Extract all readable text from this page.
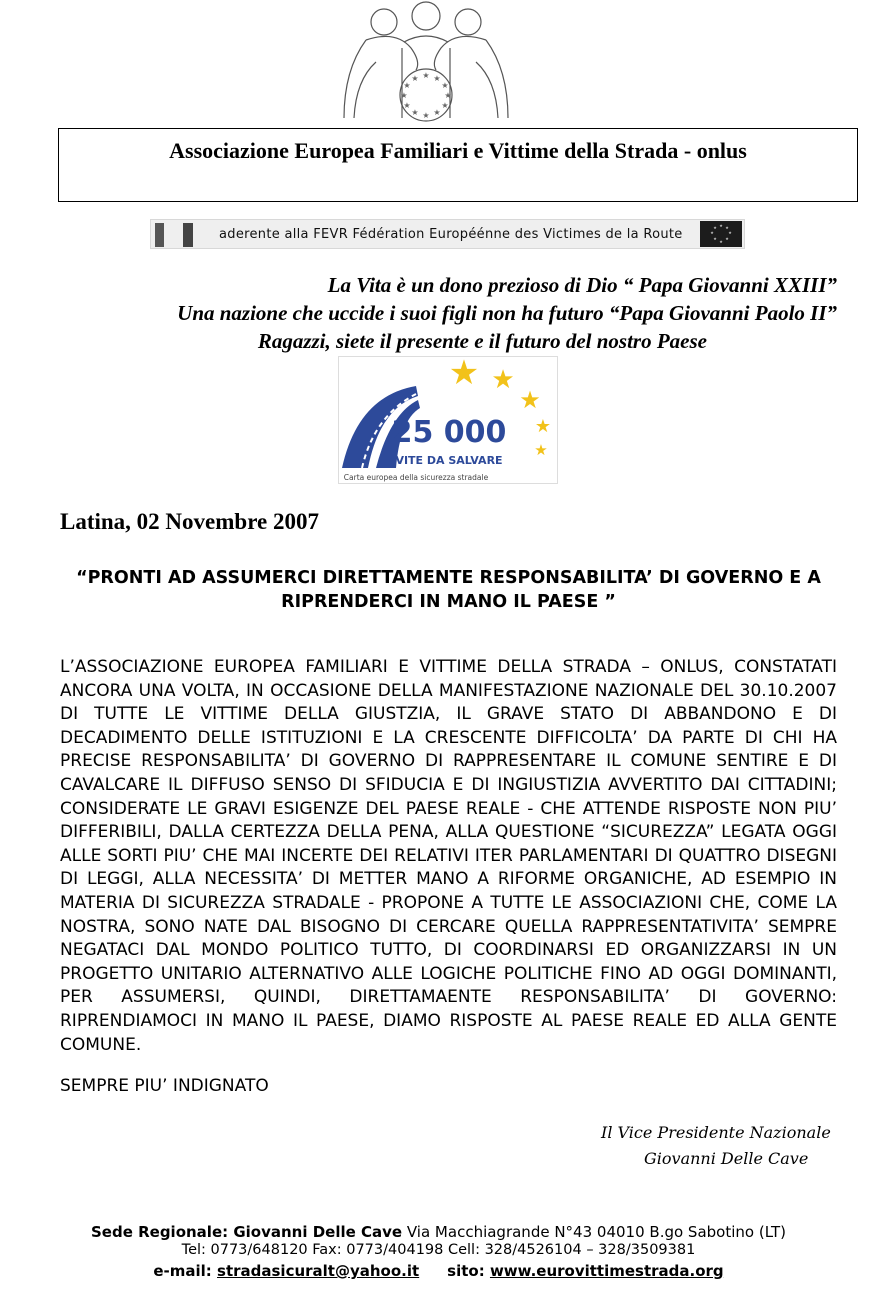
★ ★
★
★
★
★
★
★
★
★
★
★
Associazione Europea Familiari e Vittime della Strada - onlus
aderente alla FEVR Fédération Européénne des Victimes de la Route
★ ★
★
★
★
★
★
★
La Vita è un dono prezioso di Dio “ Papa Giovanni XXIII”
Una nazione che uccide i suoi figli non ha futuro “Papa Giovanni Paolo II”
Ragazzi, siete il presente e il futuro del nostro Paese
★ ★
★
★
★
25 000
VITE DA SALVARE
Carta europea della sicurezza stradale
Latina, 02 Novembre 2007
“PRONTI AD ASSUMERCI DIRETTAMENTE RESPONSABILITA’ DI GOVERNO E A RIPRENDERCI IN MANO IL PAESE ”
L’ASSOCIAZIONE EUROPEA FAMILIARI E VITTIME DELLA STRADA – ONLUS, CONSTATATI ANCORA UNA VOLTA, IN OCCASIONE DELLA MANIFESTAZIONE NAZIONALE DEL 30.10.2007 DI TUTTE LE VITTIME DELLA GIUSTZIA, IL GRAVE STATO DI ABBANDONO E DI DECADIMENTO DELLE ISTITUZIONI E LA CRESCENTE DIFFICOLTA’ DA PARTE DI CHI HA PRECISE RESPONSABILITA’ DI GOVERNO DI RAPPRESENTARE IL COMUNE SENTIRE E DI CAVALCARE IL DIFFUSO SENSO DI SFIDUCIA E DI INGIUSTIZIA AVVERTITO DAI CITTADINI; CONSIDERATE LE GRAVI ESIGENZE DEL PAESE REALE - CHE ATTENDE RISPOSTE NON PIU’ DIFFERIBILI, DALLA CERTEZZA DELLA PENA, ALLA QUESTIONE “SICUREZZA” LEGATA OGGI ALLE SORTI PIU’ CHE MAI INCERTE DEI RELATIVI ITER PARLAMENTARI DI QUATTRO DISEGNI DI LEGGI, ALLA NECESSITA’ DI METTER MANO A RIFORME ORGANICHE, AD ESEMPIO IN MATERIA DI SICUREZZA STRADALE - PROPONE A TUTTE LE ASSOCIAZIONI CHE, COME LA NOSTRA, SONO NATE DAL BISOGNO DI CERCARE QUELLA RAPPRESENTATIVITA’ SEMPRE NEGATACI DAL MONDO POLITICO TUTTO, DI COORDINARSI ED ORGANIZZARSI IN UN PROGETTO UNITARIO ALTERNATIVO ALLE LOGICHE POLITICHE FINO AD OGGI DOMINANTI, PER ASSUMERSI, QUINDI, DIRETTAMAENTE RESPONSABILITA’ DI GOVERNO: RIPRENDIAMOCI IN MANO IL PAESE, DIAMO RISPOSTE AL PAESE REALE ED ALLA GENTE COMUNE.
SEMPRE PIU’ INDIGNATO
Il Vice Presidente Nazionale
Giovanni Delle Cave
Sede Regionale: Giovanni Delle Cave Via Macchiagrande N°43 04010 B.go Sabotino (LT)
Tel: 0773/648120 Fax: 0773/404198 Cell: 328/4526104 – 328/3509381
e-mail: stradasicuralt@yahoo.it sito: www.eurovittimestrada.org
